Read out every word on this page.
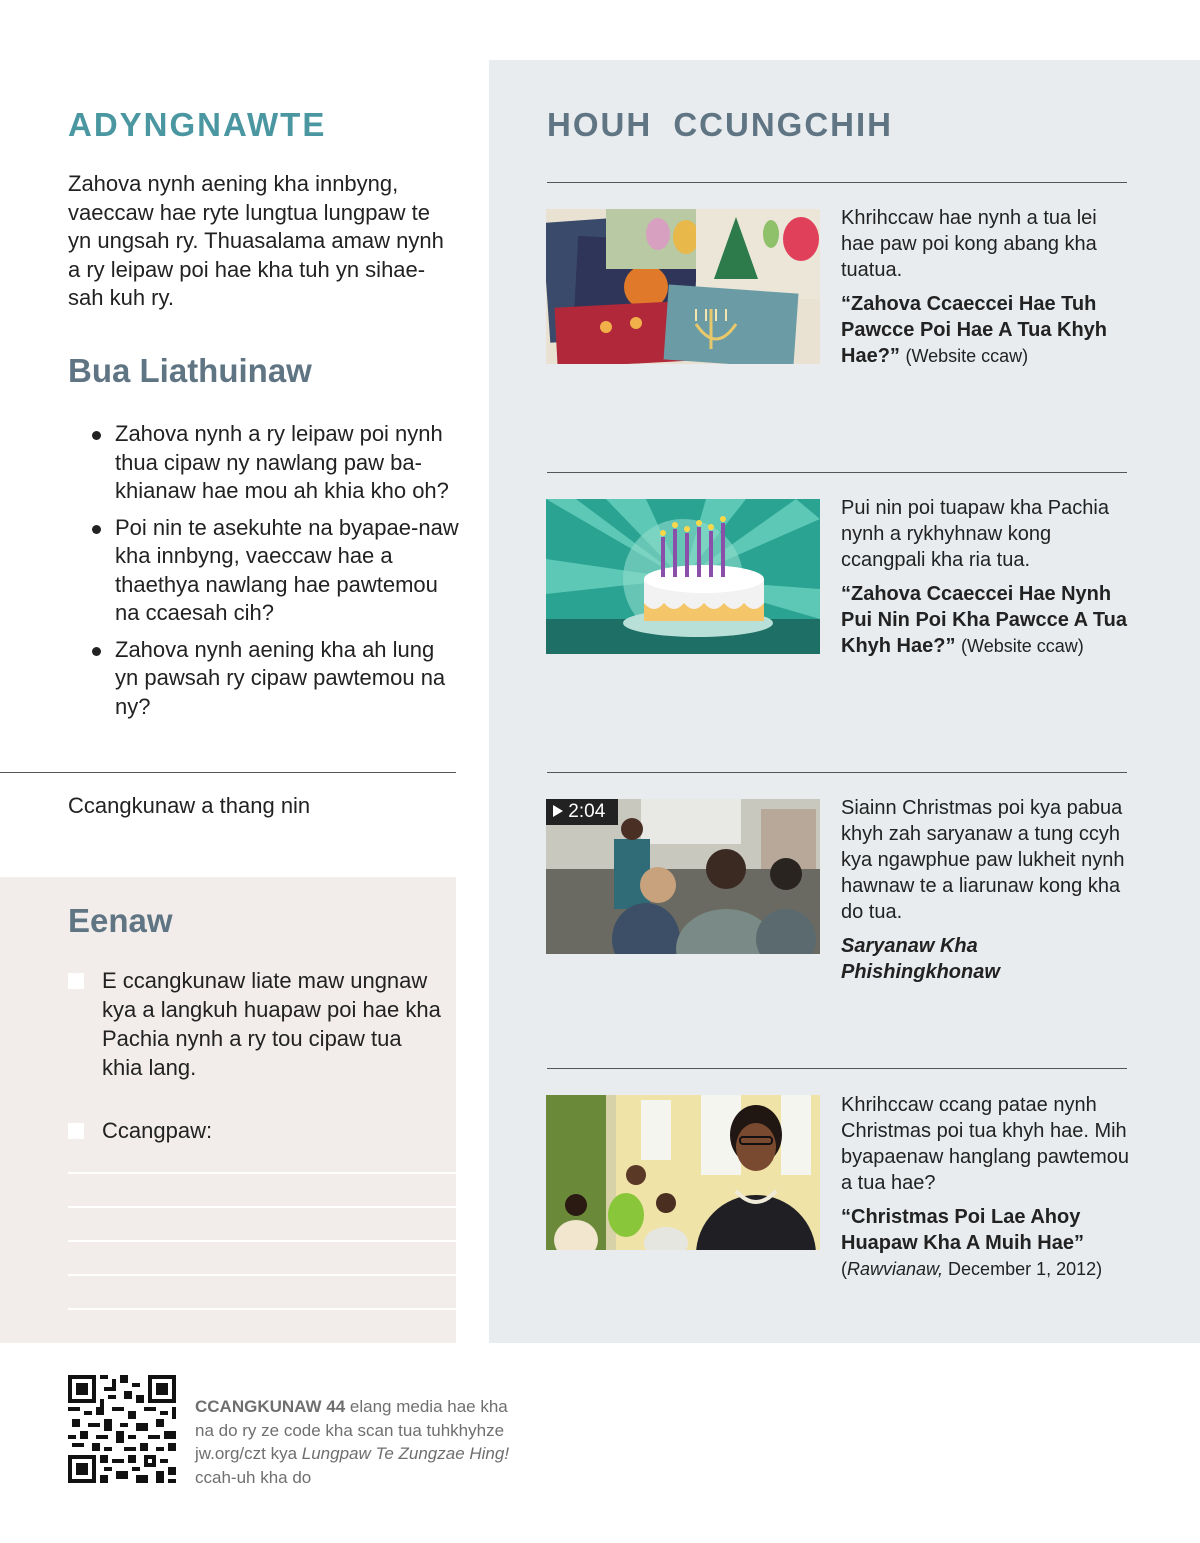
HOUH CCUNGCHIH
Khrihccaw hae nynh a tua lei hae paw poi kong abang kha tuatua.
“Zahova Ccaeccei Hae Tuh Pawcce Poi Hae A Tua Khyh Hae?” (Website ccaw)
Pui nin poi tuapaw kha Pachia nynh a rykhyhnaw kong ccangpali kha ria tua.
“Zahova Ccaeccei Hae Nynh Pui Nin Poi Kha Pawcce A Tua Khyh Hae?” (Website ccaw)
2:04	Siainn Christmas poi kya pabua khyh zah saryanaw a tung ccyh kya ngawphue paw lukheit nynh hawnaw te a liarunaw kong kha do tua.
Saryanaw Kha Phishingkhonaw
Khrihccaw ccang patae nynh Christmas poi tua khyh hae. Mih byapaenaw hanglang pawtemou a tua hae?
“Christmas Poi Lae Ahoy Huapaw Kha A Muih Hae” (Rawvianaw, December 1, 2012)
ADYNGNAWTE
Zahova nynh aening kha innbyng, vaeccaw hae ryte lungtua lungpaw te yn ungsah ry. Thuasalama amaw nynh a ry leipaw poi hae kha tuh yn sihae-sah kuh ry.
Bua Liathuinaw
Zahova nynh a ry leipaw poi nynh thua cipaw ny nawlang paw ba-khianaw hae mou ah khia kho oh?
Poi nin te asekuhte na byapae-naw kha innbyng, vaeccaw hae a thaethya nawlang hae pawtemou na ccaesah cih?
Zahova nynh aening kha ah lung yn pawsah ry cipaw pawtemou na ny?
Ccangkunaw a thang nin
Eenaw
E ccangkunaw liate maw ungnaw kya a langkuh huapaw poi hae kha Pachia nynh a ry tou cipaw tua khia lang.
Ccangpaw:
CCANGKUNAW 44 elang media hae kha
na do ry ze code kha scan tua tuhkhyhze
jw.org/czt kya Lungpaw Te Zungzae Hing!
ccah-uh kha do
